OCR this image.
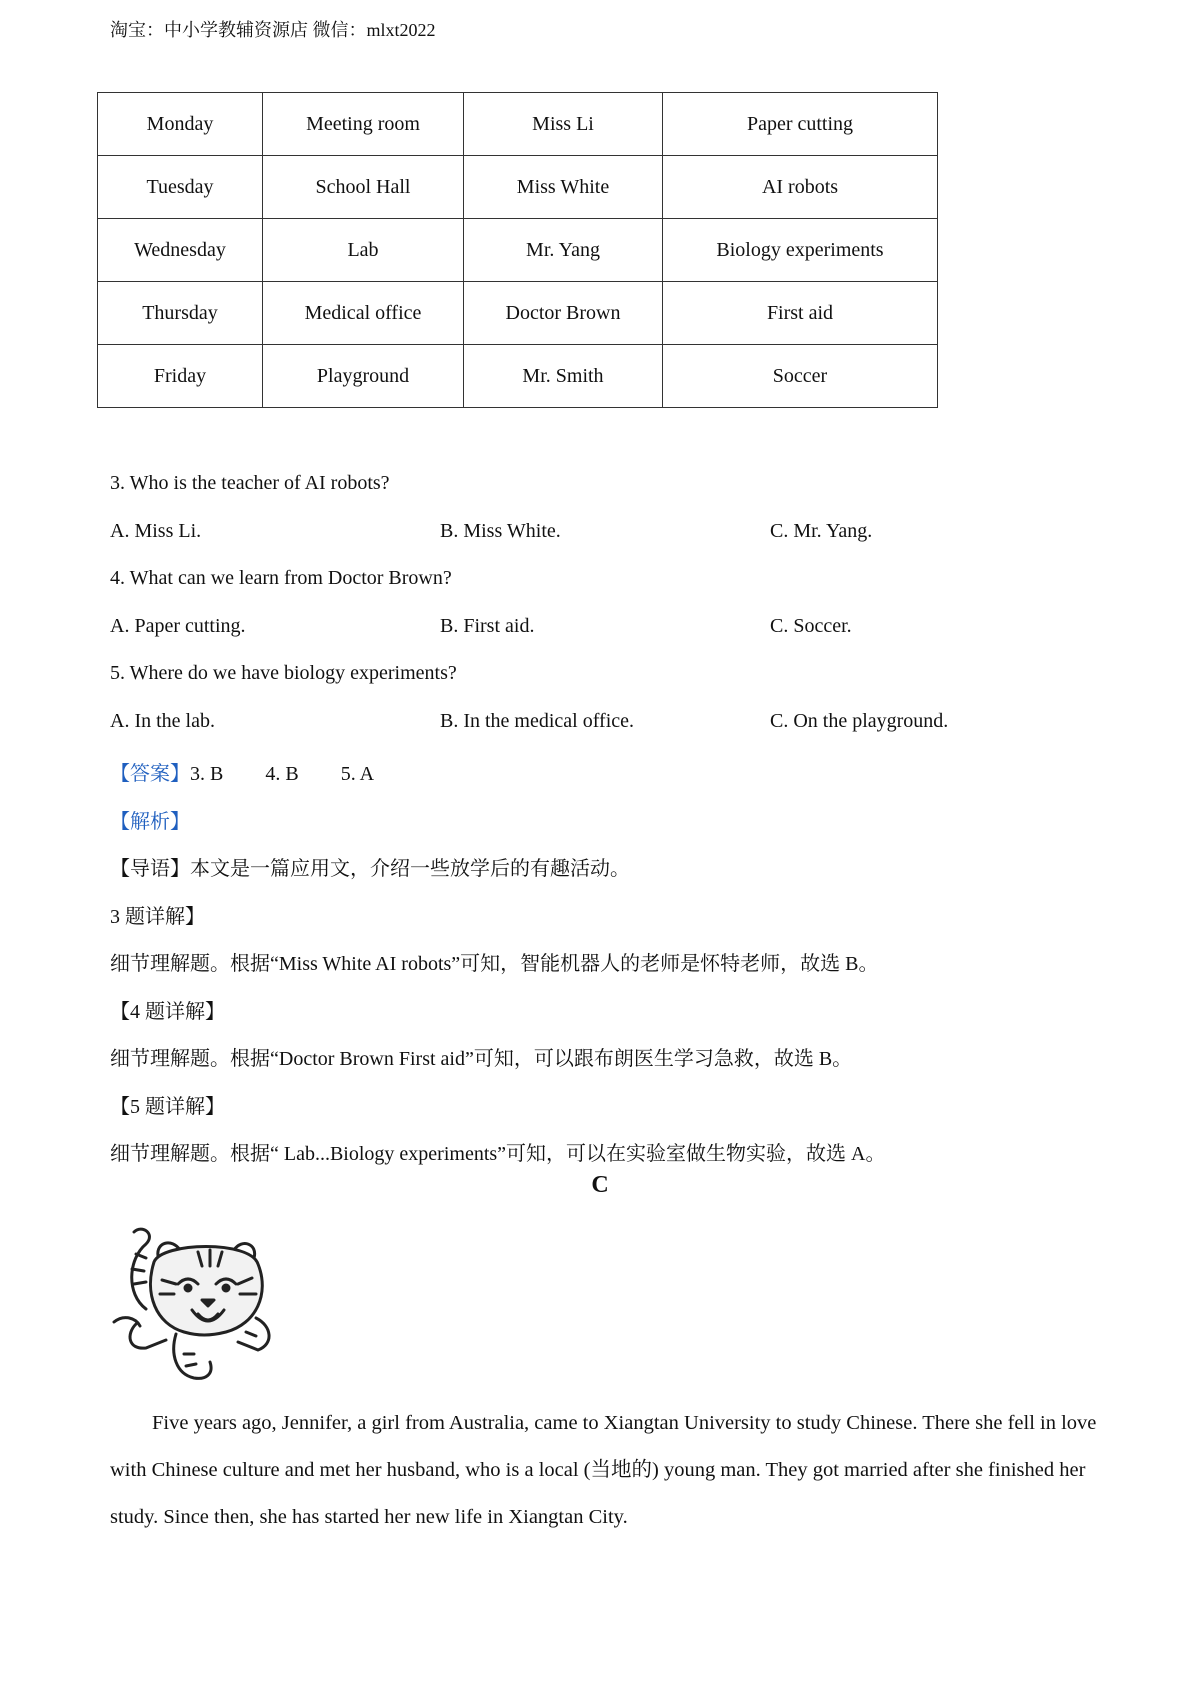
淘宝：中小学教辅资源店 微信：mlxt2022
Monday	Meeting room	Miss Li	Paper cutting
Tuesday	School Hall	Miss White	AI robots
Wednesday	Lab	Mr. Yang	Biology experiments
Thursday	Medical office	Doctor Brown	First aid
Friday	Playground	Mr. Smith	Soccer
3. Who is the teacher of AI robots?
A. Miss Li.	B. Miss White.	C. Mr. Yang.
4. What can we learn from Doctor Brown?
A. Paper cutting.	B. First aid.	C. Soccer.
5. Where do we have biology experiments?
A. In the lab.	B. In the medical office.	C. On the playground.
【答案】3. B 4. B 5. A
【解析】
【导语】本文是一篇应用文，介绍一些放学后的有趣活动。
3 题详解】
细节理解题。根据“Miss White AI robots”可知，智能机器人的老师是怀特老师，故选 B。
【4 题详解】
细节理解题。根据“Doctor Brown First aid”可知，可以跟布朗医生学习急救，故选 B。
【5 题详解】
细节理解题。根据“ Lab...Biology experiments”可知，可以在实验室做生物实验，故选 A。
C
Five years ago, Jennifer, a girl from Australia, came to Xiangtan University to study Chinese. There she fell in love with Chinese culture and met her husband, who is a local (当地的) young man. They got married after she finished her study. Since then, she has started her new life in Xiangtan City.
